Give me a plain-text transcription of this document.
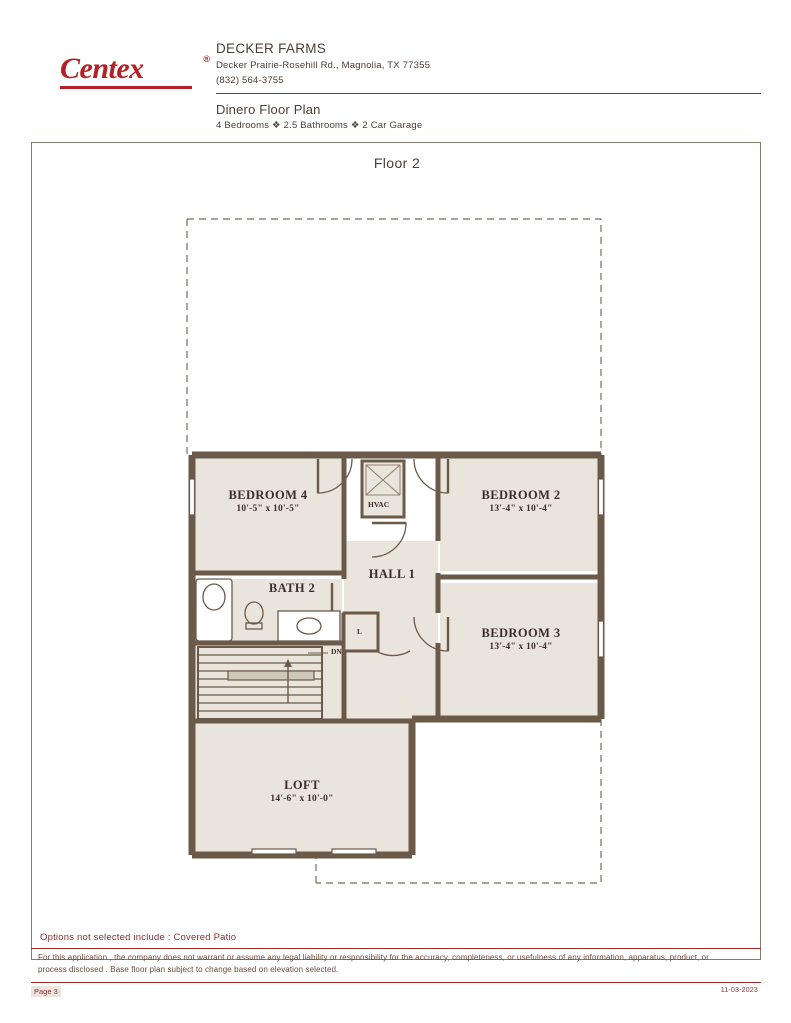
Centex	®
DECKER FARMS
Decker Prairie-Rosehill Rd., Magnolia, TX 77355
(832) 564-3755
Dinero Floor Plan
4 Bedrooms ❖ 2.5 Bathrooms ❖ 2 Car Garage
Floor 2
BEDROOM 4
10'-5" x 10'-5"
BEDROOM 2
13'-4" x 10'-4"
BEDROOM 3
13'-4" x 10'-4"
LOFT
14'-6" x 10'-0"
BATH 2
HALL 1
HVAC
DN
L
Options not selected include : Covered Patio
For this application , the company does not warrant or assume any legal liability or responsibility for the accuracy, completeness, or usefulness of any information, apparatus, product, or process disclosed . Base floor plan subject to change based on elevation selected.
Page 3	11-03-2023
